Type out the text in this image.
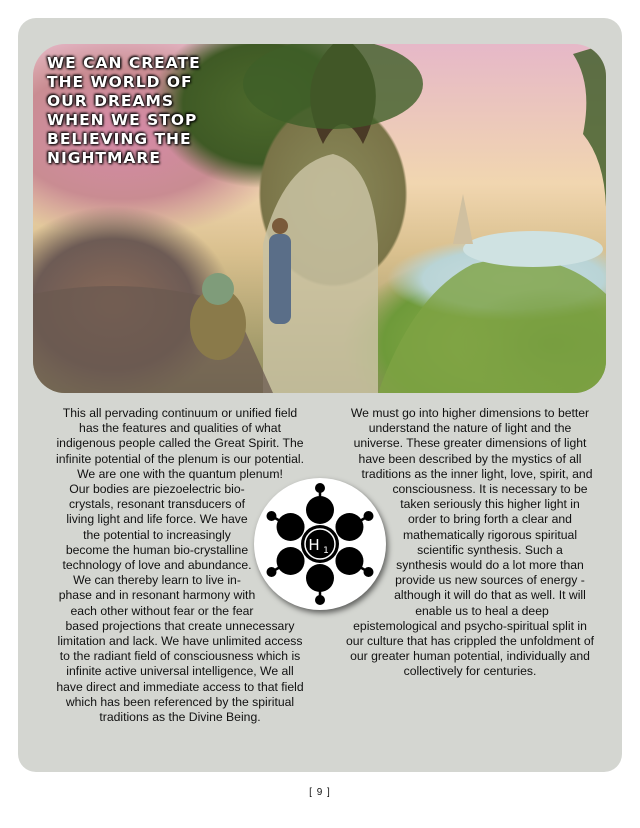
WE CAN CREATE
THE WORLD OF
OUR DREAMS
WHEN WE STOP
BELIEVING THE
NIGHTMARE
This all pervading continuum or unified field
has the features and qualities of what
indigenous people called the Great Spirit. The
infinite potential of the plenum is our potential.
We are one with the quantum plenum!
Our bodies are piezoelectric bio-
crystals, resonant transducers of
living light and life force. We have
the potential to increasingly
become the human bio-crystalline
technology of love and abundance.
We can thereby learn to live in-
phase and in resonant harmony with
each other without fear or the fear
based projections that create unnecessary
limitation and lack. We have unlimited access
to the radiant field of consciousness which is
infinite active universal intelligence, We all
have direct and immediate access to that field
which has been referenced by the spiritual
traditions as the Divine Being.
We must go into higher dimensions to better
understand the nature of light and the
universe. These greater dimensions of light
have been described by the mystics of all
traditions as the inner light, love, spirit, and
consciousness. It is necessary to be
taken seriously this higher light in
order to bring forth a clear and
mathematically rigorous spiritual
scientific synthesis. Such a
synthesis would do a lot more than
provide us new sources of energy -
although it will do that as well. It will
enable us to heal a deep
epistemological and psycho-spiritual split in
our culture that has crippled the unfoldment of
our greater human potential, individually and
collectively for centuries.
H 1
[ 9 ]
